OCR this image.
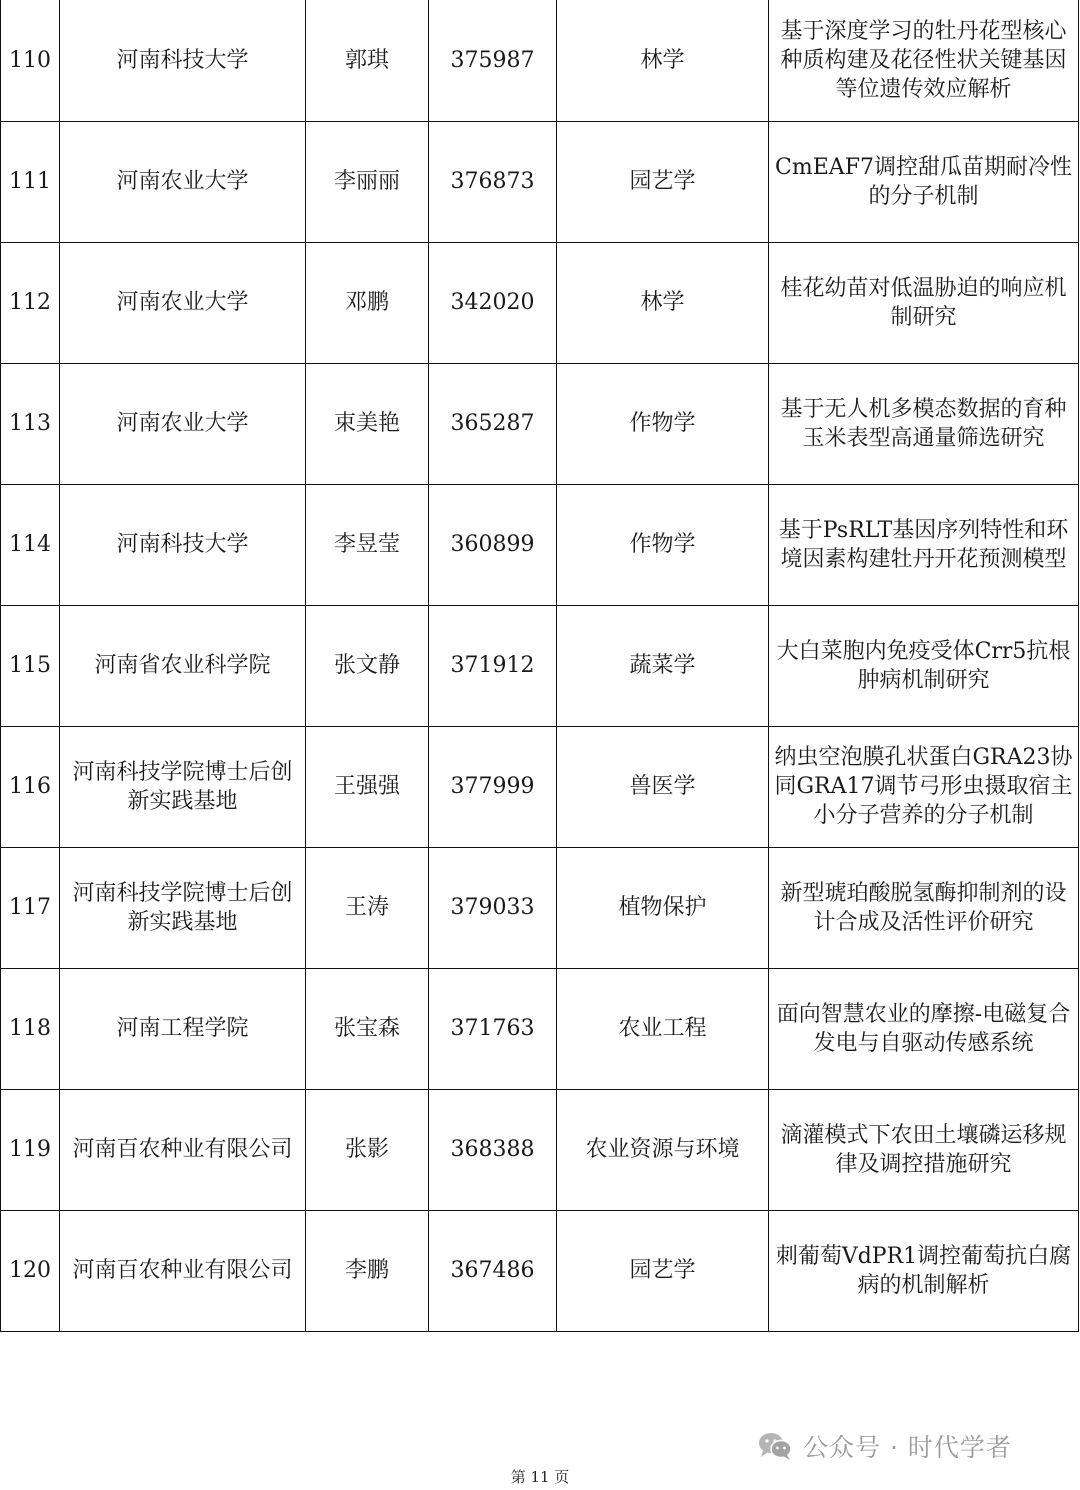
110	河南科技大学	郭琪	375987	林学	基于深度学习的牡丹花型核心种质构建及花径性状关键基因等位遗传效应解析
111	河南农业大学	李丽丽	376873	园艺学	CmEAF7调控甜瓜苗期耐冷性的分子机制
112	河南农业大学	邓鹏	342020	林学	桂花幼苗对低温胁迫的响应机制研究
113	河南农业大学	束美艳	365287	作物学	基于无人机多模态数据的育种玉米表型高通量筛选研究
114	河南科技大学	李昱莹	360899	作物学	基于PsRLT基因序列特性和环境因素构建牡丹开花预测模型
115	河南省农业科学院	张文静	371912	蔬菜学	大白菜胞内免疫受体Crr5抗根肿病机制研究
116	河南科技学院博士后创新实践基地	王强强	377999	兽医学	纳虫空泡膜孔状蛋白GRA23协同GRA17调节弓形虫摄取宿主小分子营养的分子机制
117	河南科技学院博士后创新实践基地	王涛	379033	植物保护	新型琥珀酸脱氢酶抑制剂的设计合成及活性评价研究
118	河南工程学院	张宝森	371763	农业工程	面向智慧农业的摩擦-电磁复合发电与自驱动传感系统
119	河南百农种业有限公司	张影	368388	农业资源与环境	滴灌模式下农田土壤磷运移规律及调控措施研究
120	河南百农种业有限公司	李鹏	367486	园艺学	刺葡萄VdPR1调控葡萄抗白腐病的机制解析
公众号 · 时代学者
第 11 页
